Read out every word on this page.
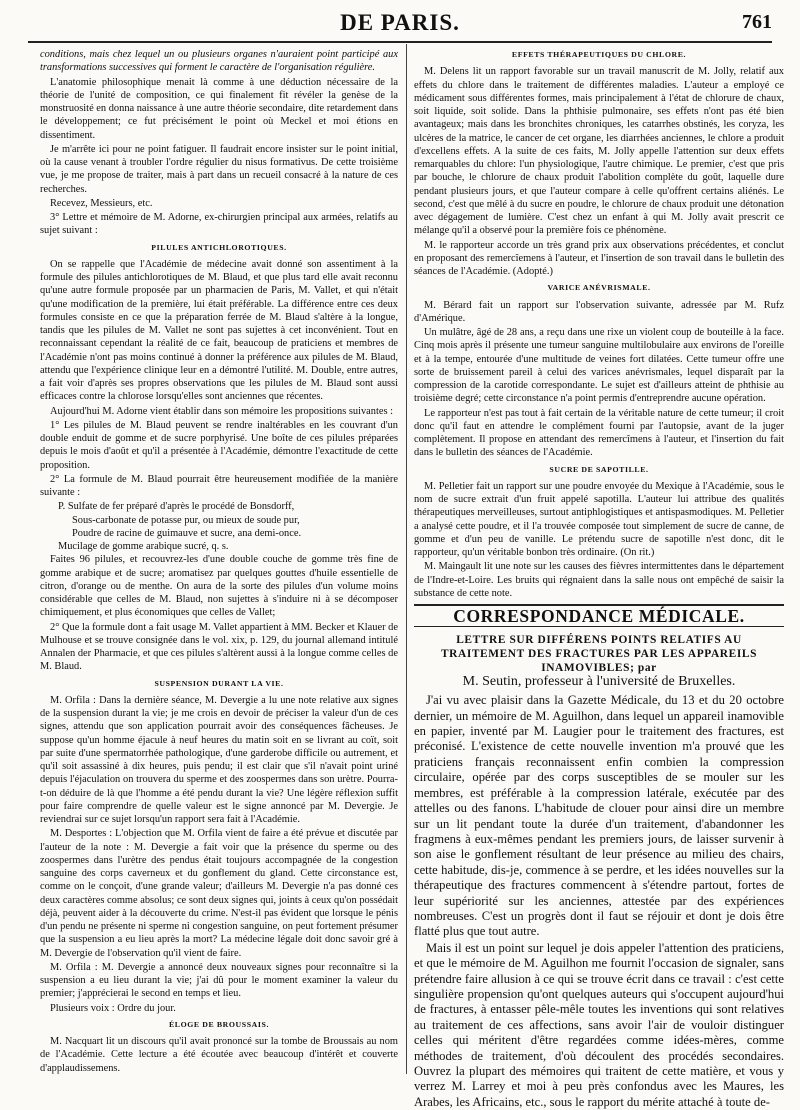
DE PARIS.	761

conditions, mais chez lequel un ou plusieurs organes n'auraient point participé aux transformations successives qui forment le caractère de l'organisation régulière.

L'anatomie philosophique menait là comme à une déduction nécessaire de la théorie de l'unité de composition, ce qui finalement fit révéler la genèse de la monstruosité en donna naissance à une autre théorie secondaire, dite retardement dans le développement; ce fut précisément le point où Meckel et moi étions en dissentiment.

Je m'arrête ici pour ne point fatiguer. Il faudrait encore insister sur le point initial, où la cause venant à troubler l'ordre régulier du nisus formativus. De cette troisième vue, je me propose de traiter, mais à part dans un recueil consacré à la nature de ces recherches.

Recevez, Messieurs, etc.

3° Lettre et mémoire de M. Adorne, ex-chirurgien principal aux armées, relatifs au sujet suivant :

PILULES ANTICHLOROTIQUES.

On se rappelle que l'Académie de médecine avait donné son assentiment à la formule des pilules antichlorotiques de M. Blaud, et que plus tard elle avait reconnu qu'une autre formule proposée par un pharmacien de Paris, M. Vallet, et qui n'était qu'une modification de la première, lui était préférable. La différence entre ces deux formules consiste en ce que la préparation ferrée de M. Blaud s'altère à la longue, tandis que les pilules de M. Vallet ne sont pas sujettes à cet inconvénient. Tout en reconnaissant cependant la réalité de ce fait, beaucoup de praticiens et membres de l'Académie n'ont pas moins continué à donner la préférence aux pilules de M. Blaud, attendu que l'expérience clinique leur en a démontré l'utilité. M. Double, entre autres, a fait voir d'après ses propres observations que les pilules de M. Blaud sont aussi efficaces contre la chlorose lorsqu'elles sont anciennes que récentes.

Aujourd'hui M. Adorne vient établir dans son mémoire les propositions suivantes :

1° Les pilules de M. Blaud peuvent se rendre inaltérables en les couvrant d'un double enduit de gomme et de sucre porphyrisé. Une boîte de ces pilules préparées depuis le mois d'août et qu'il a présentée à l'Académie, démontre l'exactitude de cette proposition.

2° La formule de M. Blaud pourrait être heureusement modifiée de la manière suivante :

P. Sulfate de fer préparé d'après le procédé de Bonsdorff,
Sous-carbonate de potasse pur, ou mieux de soude pur,
Poudre de racine de guimauve et sucre, ana demi-once.
Mucilage de gomme arabique sucré, q. s.

Faites 96 pilules, et recouvrez-les d'une double couche de gomme très fine de gomme arabique et de sucre; aromatisez par quelques gouttes d'huile essentielle de citron, d'orange ou de menthe. On aura de la sorte des pilules d'un volume moins considérable que celles de M. Blaud, non sujettes à s'induire ni à se décomposer chimiquement, et plus économiques que celles de Vallet;

2° Que la formule dont a fait usage M. Vallet appartient à MM. Becker et Klauer de Mulhouse et se trouve consignée dans le vol. xix, p. 129, du journal allemand intitulé Annalen der Pharmacie, et que ces pilules s'altèrent aussi à la longue comme celles de M. Blaud.

SUSPENSION DURANT LA VIE.

M. Orfila : Dans la dernière séance, M. Devergie a lu une note relative aux signes de la suspension durant la vie; je me crois en devoir de préciser la valeur d'un de ces signes, attendu que son application pourrait avoir des conséquences fâcheuses. Je suppose qu'un homme éjacule à neuf heures du matin soit en se livrant au coït, soit par suite d'une spermatorrhée pathologique, d'une garderobe difficile ou autrement, et qu'il soit assassiné à dix heures, puis pendu; il est clair que s'il n'avait point uriné depuis l'éjaculation on trouvera du sperme et des zoospermes dans son urètre. Pourra-t-on déduire de là que l'homme a été pendu durant la vie? Une légère réflexion suffit pour faire comprendre de quelle valeur est le signe annoncé par M. Devergie. Je reviendrai sur ce sujet lorsqu'un rapport sera fait à l'Académie.

M. Desportes : L'objection que M. Orfila vient de faire a été prévue et discutée par l'auteur de la note : M. Devergie a fait voir que la présence du sperme ou des zoospermes dans l'urètre des pendus était toujours accompagnée de la congestion sanguine des corps caverneux et du gonflement du gland. Cette circonstance est, comme on le conçoit, d'une grande valeur; d'ailleurs M. Devergie n'a pas donné ces deux caractères comme absolus; ce sont deux signes qui, joints à ceux qu'on possédait déjà, peuvent aider à la découverte du crime. N'est-il pas évident que lorsque le pénis d'un pendu ne présente ni sperme ni congestion sanguine, on peut fortement présumer que la suspension a eu lieu après la mort? La médecine légale doit donc savoir gré à M. Devergie de l'observation qu'il vient de faire.

M. Orfila : M. Devergie a annoncé deux nouveaux signes pour reconnaître si la suspension a eu lieu durant la vie; j'ai dû pour le moment examiner la valeur du premier; j'apprécierai le second en temps et lieu.

Plusieurs voix : Ordre du jour.

ÉLOGE DE BROUSSAIS.

M. Nacquart lit un discours qu'il avait prononcé sur la tombe de Broussais au nom de l'Académie. Cette lecture a été écoutée avec beaucoup d'intérêt et couverte d'applaudissemens.

EFFETS THÉRAPEUTIQUES DU CHLORE.

M. Delens lit un rapport favorable sur un travail manuscrit de M. Jolly, relatif aux effets du chlore dans le traitement de différentes maladies. L'auteur a employé ce médicament sous différentes formes, mais principalement à l'état de chlorure de chaux, soit liquide, soit solide. Dans la phthisie pulmonaire, ses effets n'ont pas été bien avantageux; mais dans les bronchites chroniques, les catarrhes obstinés, les coryza, les ulcères de la matrice, le cancer de cet organe, les diarrhées anciennes, le chlore a produit d'excellens effets. A la suite de ces faits, M. Jolly appelle l'attention sur deux effets remarquables du chlore: l'un physiologique, l'autre chimique. Le premier, c'est que pris par bouche, le chlorure de chaux produit l'abolition complète du goût, laquelle dure pendant plusieurs jours, et que l'auteur compare à celle qu'offrent certains aliénés. Le second, c'est que mêlé à du sucre en poudre, le chlorure de chaux produit une détonation avec dégagement de lumière. C'est chez un enfant à qui M. Jolly avait prescrit ce mélange qu'il a observé pour la première fois ce phénomène.

M. le rapporteur accorde un très grand prix aux observations précédentes, et conclut en proposant des remercîemens à l'auteur, et l'insertion de son travail dans le bulletin des séances de l'Académie. (Adopté.)

VARICE ANÉVRISMALE.

M. Bérard fait un rapport sur l'observation suivante, adressée par M. Rufz d'Amérique.

Un mulâtre, âgé de 28 ans, a reçu dans une rixe un violent coup de bouteille à la face. Cinq mois après il présente une tumeur sanguine multilobulaire aux environs de l'oreille et à la tempe, entourée d'une multitude de veines fort dilatées. Cette tumeur offre une sorte de bruissement pareil à celui des varices anévrismales, lequel disparaît par la compression de la carotide correspondante. Le sujet est d'ailleurs atteint de phthisie au troisième degré; cette circonstance n'a point permis d'entreprendre aucune opération.

Le rapporteur n'est pas tout à fait certain de la véritable nature de cette tumeur; il croit donc qu'il faut en attendre le complément fourni par l'autopsie, avant de la juger complètement. Il propose en attendant des remercîmens à l'auteur, et l'insertion du fait dans le bulletin des séances de l'Académie.

SUCRE DE SAPOTILLE.

M. Pelletier fait un rapport sur une poudre envoyée du Mexique à l'Académie, sous le nom de sucre extrait d'un fruit appelé sapotilla. L'auteur lui attribue des qualités thérapeutiques merveilleuses, surtout antiphlogistiques et antispasmodiques. M. Pelletier a analysé cette poudre, et il l'a trouvée composée tout simplement de sucre de canne, de gomme et d'un peu de vanille. Le prétendu sucre de sapotille n'est donc, dit le rapporteur, qu'un véritable bonbon très ordinaire. (On rit.)

M. Maingault lit une note sur les causes des fièvres intermittentes dans le département de l'Indre-et-Loire. Les bruits qui régnaient dans la salle nous ont empêché de saisir la substance de cette note.

CORRESPONDANCE MÉDICALE.
LETTRE SUR DIFFÉRENS POINTS RELATIFS AU TRAITEMENT DES FRACTURES PAR LES APPAREILS INAMOVIBLES; par
M. Seutin, professeur à l'université de Bruxelles.

J'ai vu avec plaisir dans la Gazette Médicale, du 13 et du 20 octobre dernier, un mémoire de M. Aguilhon, dans lequel un appareil inamovible en papier, inventé par M. Laugier pour le traitement des fractures, est préconisé. L'existence de cette nouvelle invention m'a prouvé que les praticiens français reconnaissent enfin combien la compression circulaire, opérée par des corps susceptibles de se mouler sur les membres, est préférable à la compression latérale, exécutée par des attelles ou des fanons. L'habitude de clouer pour ainsi dire un membre sur un lit pendant toute la durée d'un traitement, d'abandonner les fragmens à eux-mêmes pendant les premiers jours, de laisser survenir à son aise le gonflement résultant de leur présence au milieu des chairs, cette habitude, dis-je, commence à se perdre, et les idées nouvelles sur la thérapeutique des fractures commencent à s'étendre partout, fortes de leur supériorité sur les anciennes, attestée par des expériences nombreuses. C'est un progrès dont il faut se réjouir et dont je dois être flatté plus que tout autre.

Mais il est un point sur lequel je dois appeler l'attention des praticiens, et que le mémoire de M. Aguilhon me fournit l'occasion de signaler, sans prétendre faire allusion à ce qui se trouve écrit dans ce travail : c'est cette singulière propension qu'ont quelques auteurs qui s'occupent aujourd'hui de fractures, à entasser pêle-mêle toutes les inventions qui sont relatives au traitement de ces affections, sans avoir l'air de vouloir distinguer celles qui méritent d'être regardées comme idées-mères, comme méthodes de traitement, d'où découlent des procédés secondaires. Ouvrez la plupart des mémoires qui traitent de cette matière, et vous y verrez M. Larrey et moi à peu près confondus avec les Maures, les Arabes, les Africains, etc., sous le rapport du mérite attaché à toute de-
